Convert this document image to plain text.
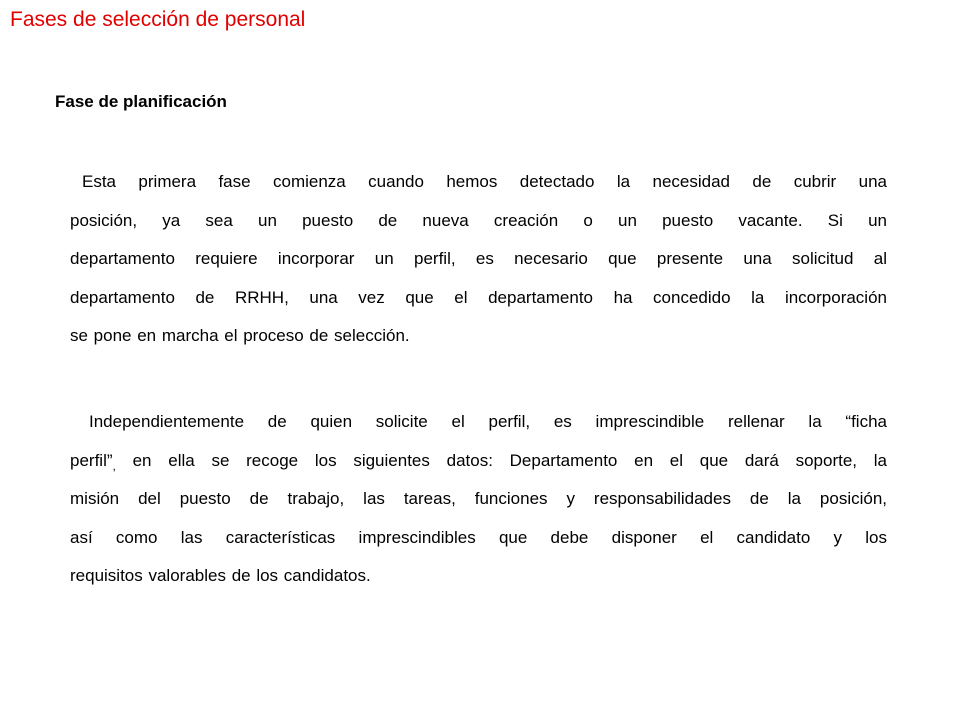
Fases de selección de personal
Fase de planificación
Esta primera fase comienza cuando hemos detectado la necesidad de cubrir una
posición, ya sea un puesto de nueva creación o un puesto vacante. Si un
departamento requiere incorporar un perfil, es necesario que presente una solicitud al
departamento de RRHH, una vez que el departamento ha concedido la incorporación
se pone en marcha el proceso de selección.
Independientemente de quien solicite el perfil, es imprescindible rellenar la “ficha
$perfil”_,$ en ella se recoge los siguientes datos: Departamento en el que dará soporte, la
misión del puesto de trabajo, las tareas, funciones y responsabilidades de la posición,
así como las características imprescindibles que debe disponer el candidato y los
requisitos valorables de los candidatos.
